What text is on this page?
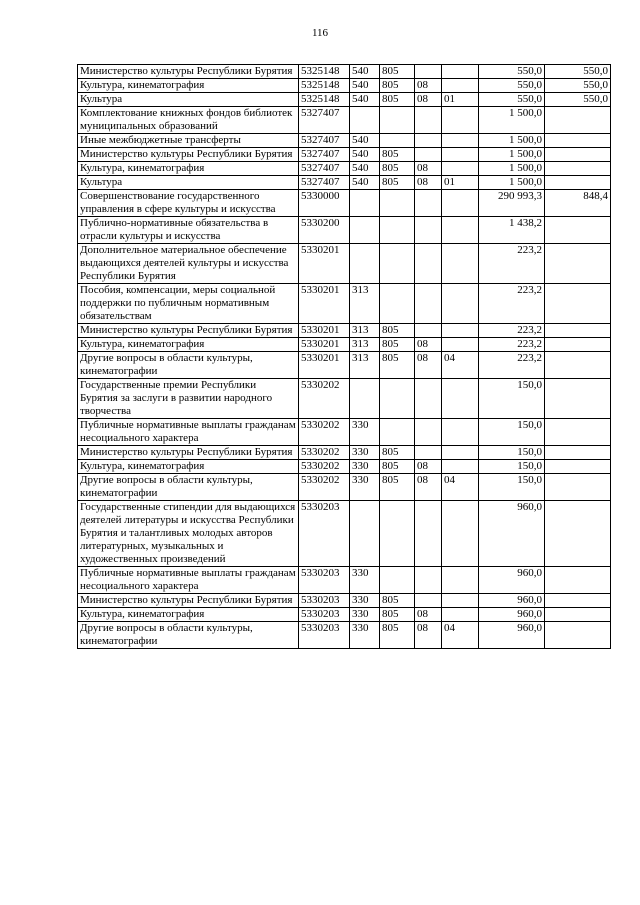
116
Министерство культуры Республики Бурятия	5325148	540	805			550,0	550,0
Культура, кинематография	5325148	540	805	08		550,0	550,0
Культура	5325148	540	805	08	01	550,0	550,0
Комплектование книжных фондов библиотек муниципальных образований	5327407					1 500,0	
Иные межбюджетные трансферты	5327407	540				1 500,0	
Министерство культуры Республики Бурятия	5327407	540	805			1 500,0	
Культура, кинематография	5327407	540	805	08		1 500,0	
Культура	5327407	540	805	08	01	1 500,0	
Совершенствование государственного управления в сфере культуры и искусства	5330000					290 993,3	848,4
Публично-нормативные обязательства в отрасли культуры и искусства	5330200					1 438,2	
Дополнительное материальное обеспечение выдающихся деятелей культуры и искусства Республики Бурятия	5330201					223,2	
Пособия, компенсации, меры социальной поддержки по публичным нормативным обязательствам	5330201	313				223,2	
Министерство культуры Республики Бурятия	5330201	313	805			223,2	
Культура, кинематография	5330201	313	805	08		223,2	
Другие вопросы в области культуры, кинематографии	5330201	313	805	08	04	223,2	
Государственные премии Республики Бурятия за заслуги в развитии народного творчества	5330202					150,0	
Публичные нормативные выплаты гражданам несоциального характера	5330202	330				150,0	
Министерство культуры Республики Бурятия	5330202	330	805			150,0	
Культура, кинематография	5330202	330	805	08		150,0	
Другие вопросы в области культуры, кинематографии	5330202	330	805	08	04	150,0	
Государственные стипендии для выдающихся деятелей литературы и искусства Республики Бурятия и талантливых молодых авторов литературных, музыкальных и художественных произведений	5330203					960,0	
Публичные нормативные выплаты гражданам несоциального характера	5330203	330				960,0	
Министерство культуры Республики Бурятия	5330203	330	805			960,0	
Культура, кинематография	5330203	330	805	08		960,0	
Другие вопросы в области культуры, кинематографии	5330203	330	805	08	04	960,0	
